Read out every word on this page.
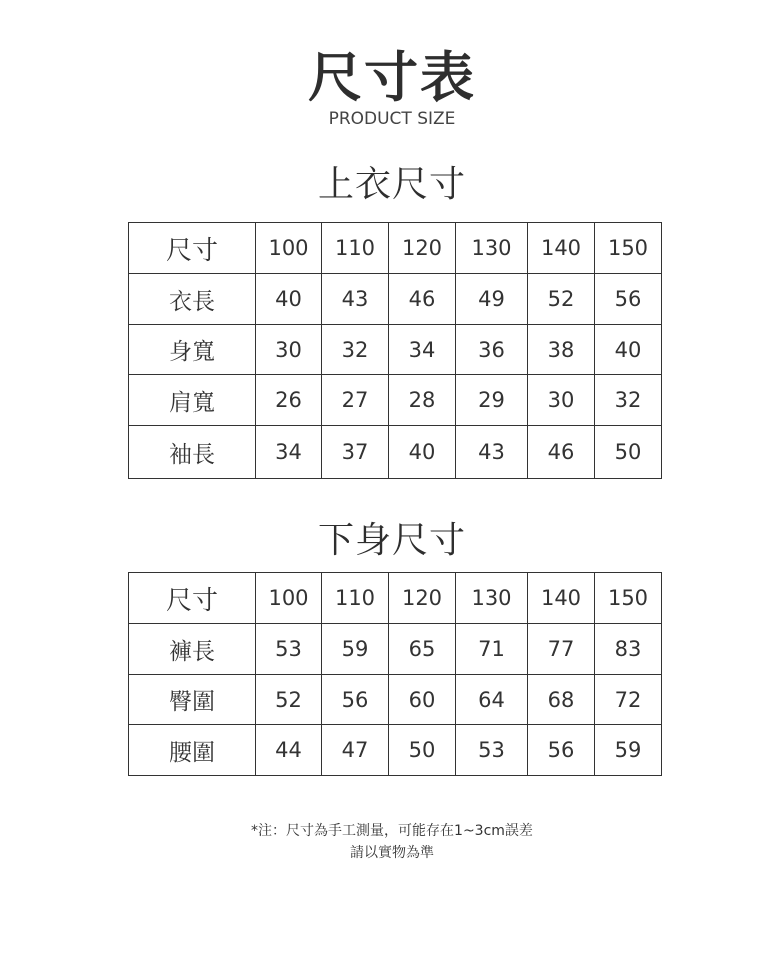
尺寸表
PRODUCT SIZE
上衣尺寸
尺寸	100	110	120	130	140	150
衣長	40	43	46	49	52	56
身寬	30	32	34	36	38	40
肩寬	26	27	28	29	30	32
袖長	34	37	40	43	46	50
下身尺寸
尺寸	100	110	120	130	140	150
褲長	53	59	65	71	77	83
臀圍	52	56	60	64	68	72
腰圍	44	47	50	53	56	59
*注：尺寸為手工測量，可能存在1~3cm誤差
請以實物為準
